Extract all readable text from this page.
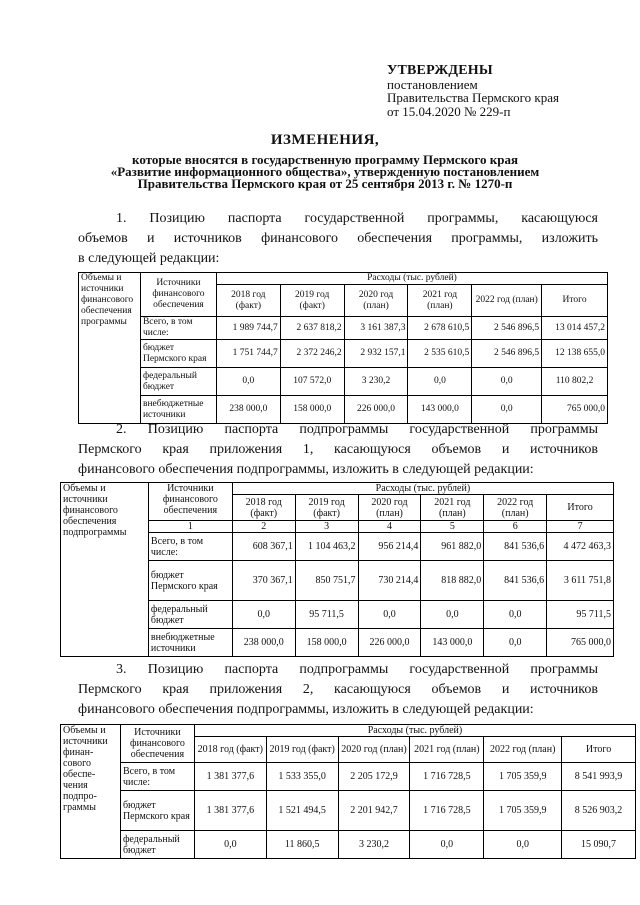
УТВЕРЖДЕНЫ
постановлением
Правительства Пермского края
от 15.04.2020 № 229-п
ИЗМЕНЕНИЯ,
которые вносятся в государственную программу Пермского края
«Развитие информационного общества», утвержденную постановлением
Правительства Пермского края от 25 сентября 2013 г. № 1270-п
1. Позицию паспорта государственной программы, касающуюся
объемов и источников финансового обеспечения программы, изложить
в следующей редакции:
Объемы и источники финансового обеспечения программы	Источники финансового обеспечения	Расходы (тыс. рублей)					
		2018 год (факт)	2019 год (факт)	2020 год (план)	2021 год (план)	2022 год (план)	Итого
	Всего, в том числе:	1 989 744,7	2 637 818,2	3 161 387,3	2 678 610,5	2 546 896,5	13 014 457,2
	бюджет Пермского края	1 751 744,7	2 372 246,2	2 932 157,1	2 535 610,5	2 546 896,5	12 138 655,0
	федеральный бюджет	0,0	107 572,0	3 230,2	0,0	0,0	110 802,2
	внебюджетные источники	238 000,0	158 000,0	226 000,0	143 000,0	0,0	765 000,0
2. Позицию паспорта подпрограммы государственной программы
Пермского края приложения 1, касающуюся объемов и источников
финансового обеспечения подпрограммы, изложить в следующей редакции:
Объемы и источники финансового обеспечения подпрограммы	Источники финансового обеспечения	Расходы (тыс. рублей)					
		2018 год (факт)	2019 год (факт)	2020 год (план)	2021 год (план)	2022 год (план)	Итого
	1	2	3	4	5	6	7
	Всего, в том числе:	608 367,1	1 104 463,2	956 214,4	961 882,0	841 536,6	4 472 463,3
	бюджет Пермского края	370 367,1	850 751,7	730 214,4	818 882,0	841 536,6	3 611 751,8
	федеральный бюджет	0,0	95 711,5	0,0	0,0	0,0	95 711,5
	внебюджетные источники	238 000,0	158 000,0	226 000,0	143 000,0	0,0	765 000,0
3. Позицию паспорта подпрограммы государственной программы
Пермского края приложения 2, касающуюся объемов и источников
финансового обеспечения подпрограммы, изложить в следующей редакции:
Объемы и источники финан- сового обеспе- чения подпро- граммы	Источники финансового обеспечения	Расходы (тыс. рублей)					
		2018 год (факт)	2019 год (факт)	2020 год (план)	2021 год (план)	2022 год (план)	Итого
	Всего, в том числе:	1 381 377,6	1 533 355,0	2 205 172,9	1 716 728,5	1 705 359,9	8 541 993,9
	бюджет Пермского края	1 381 377,6	1 521 494,5	2 201 942,7	1 716 728,5	1 705 359,9	8 526 903,2
	федеральный бюджет	0,0	11 860,5	3 230,2	0,0	0,0	15 090,7
